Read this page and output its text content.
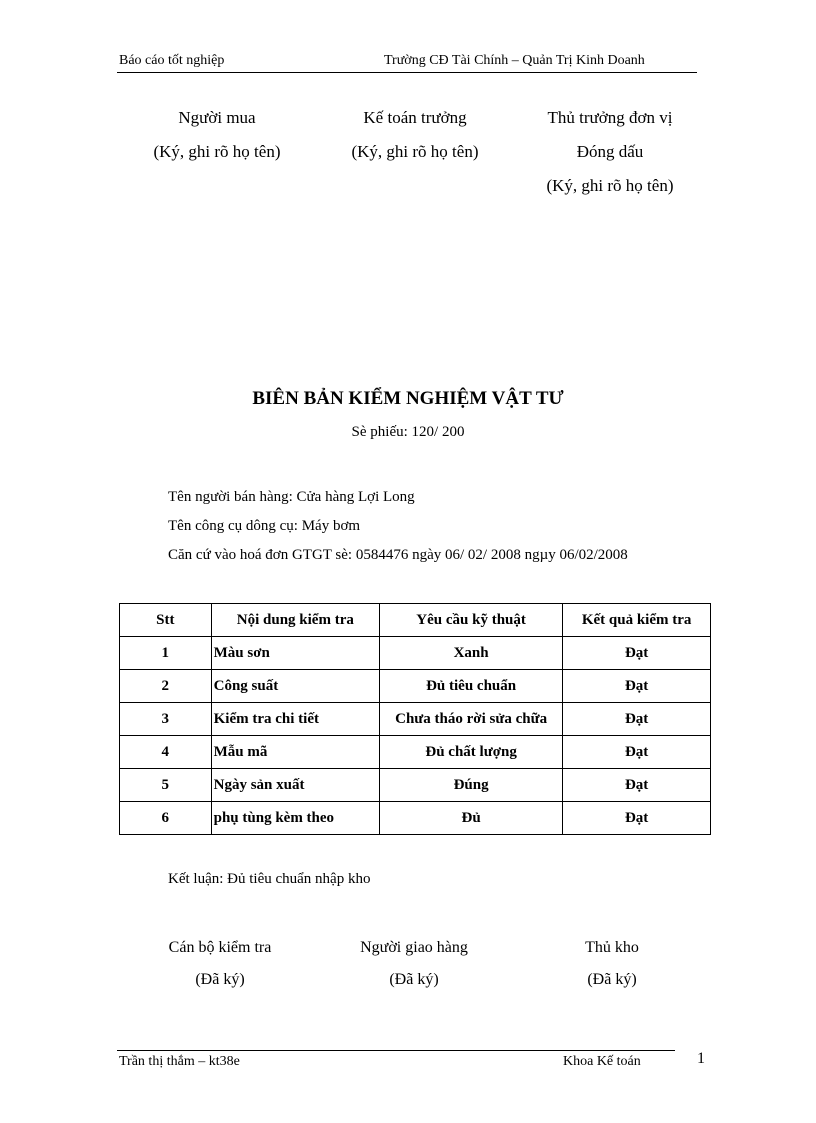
Báo cáo tốt nghiệp	Trường CĐ Tài Chính – Quản Trị Kinh Doanh
Người mua
(Ký, ghi rõ họ tên)
Kế toán trưởng
(Ký, ghi rõ họ tên)
Thủ trưởng đơn vị
Đóng dấu
(Ký, ghi rõ họ tên)
BIÊN BẢN KIỂM NGHIỆM VẬT TƯ
Sè phiếu: 120/ 200
Tên người bán hàng: Cửa hàng Lợi Long
Tên công cụ dông cụ: Máy bơm
Căn cứ vào hoá đơn GTGT sè: 0584476 ngày 06/ 02/ 2008 ngµy 06/02/2008
Stt	Nội dung kiểm tra	Yêu cầu kỹ thuật	Kết quả kiểm tra
1	Màu sơn	Xanh	Đạt
2	Công suất	Đủ tiêu chuẩn	Đạt
3	Kiểm tra chi tiết	Chưa tháo rời sửa chữa	Đạt
4	Mẫu mã	Đủ chất lượng	Đạt
5	Ngày sản xuất	Đúng	Đạt
6	phụ tùng kèm theo	Đủ	Đạt
Kết luận: Đủ tiêu chuẩn nhập kho
Cán bộ kiểm tra
(Đã ký)
Người giao hàng
(Đã ký)
Thủ kho
(Đã ký)
Trần thị thắm – kt38e	Khoa Kế toán	1
